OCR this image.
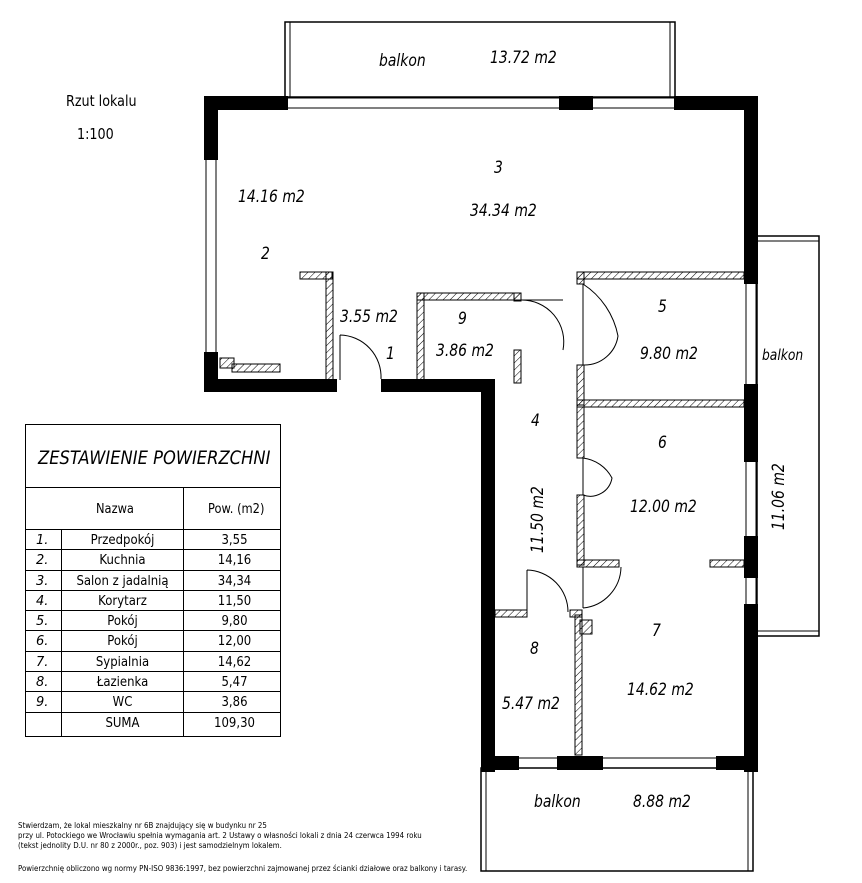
Rzut lokalu
1:100
3
34.34 m2
14.16 m2
2
3.55 m2
1
9
3.86 m2
5
9.80 m2
4
11.50 m2
6
12.00 m2
7
14.62 m2
8
5.47 m2
balkon	13.72 m2
balkon
11.06 m2
balkon	8.88 m2
ZESTAWIENIE POWIERZCHNI
Nazwa	Pow. (m2)
1.	Przedpokój	3,55
2.	Kuchnia	14,16
3.	Salon z jadalnią	34,34
4.	Korytarz	11,50
5.	Pokój	9,80
6.	Pokój	12,00
7.	Sypialnia	14,62
8.	Łazienka	5,47
9.	WC	3,86
SUMA	109,30
Stwierdzam, że lokal mieszkalny nr 6B znajdujący się w budynku nr 25
przy ul. Potockiego we Wrocławiu spełnia wymagania art. 2 Ustawy o własności lokali z dnia 24 czerwca 1994 roku
(tekst jednolity D.U. nr 80 z 2000r., poz. 903) i jest samodzielnym lokalem.
Powierzchnię obliczono wg normy PN-ISO 9836:1997, bez powierzchni zajmowanej przez ścianki działowe oraz balkony i tarasy.
